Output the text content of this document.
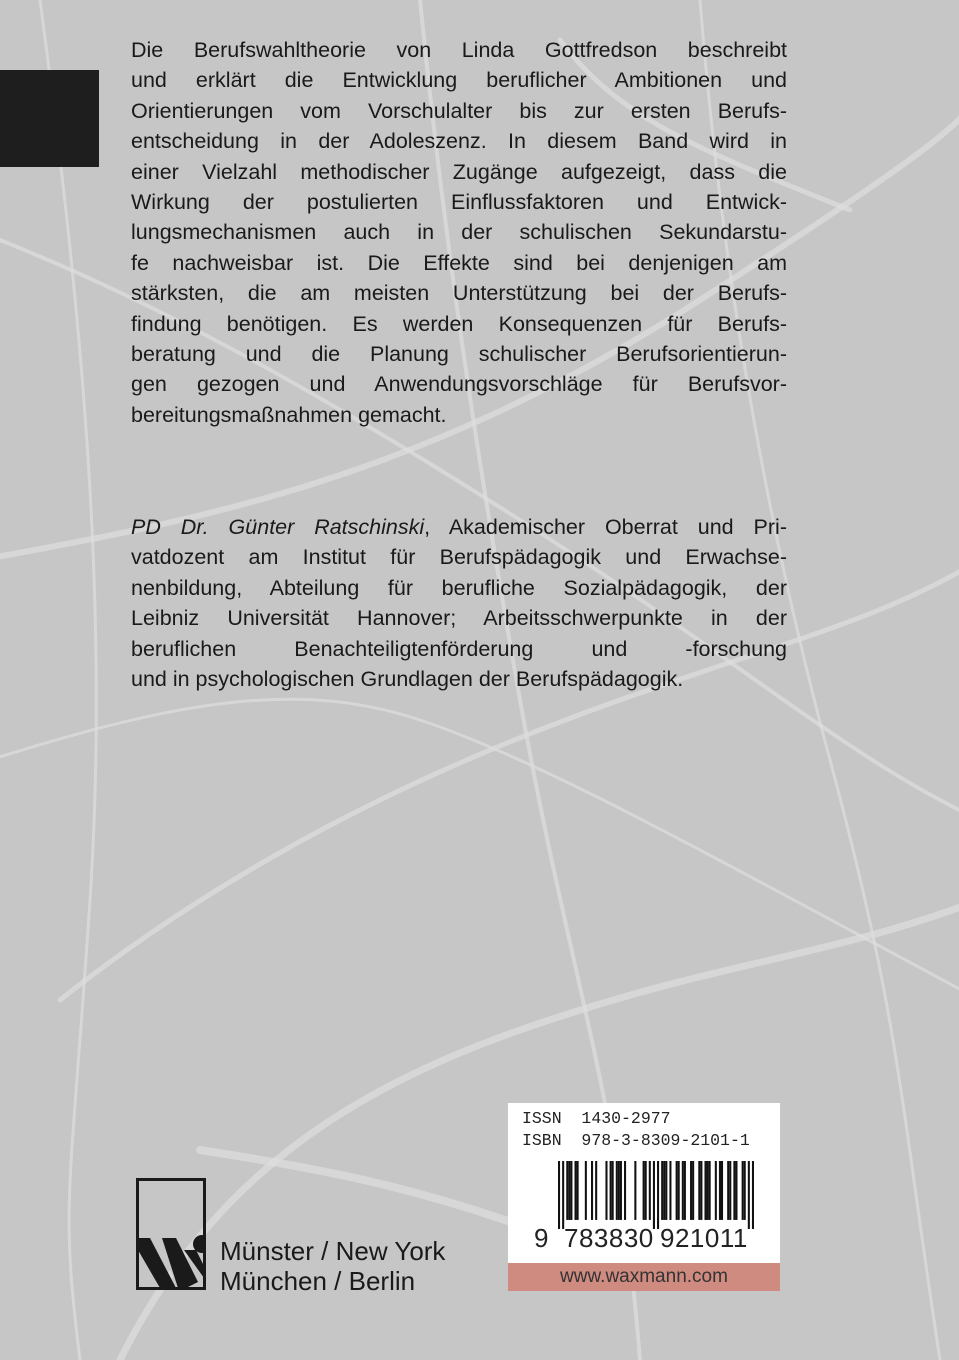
Die Berufswahltheorie von Linda Gottfredson beschreibt
und erklärt die Entwicklung beruflicher Ambitionen und
Orientierungen vom Vorschulalter bis zur ersten Berufs-
entscheidung in der Adoleszenz. In diesem Band wird in
einer Vielzahl methodischer Zugänge aufgezeigt, dass die
Wirkung der postulierten Einflussfaktoren und Entwick-
lungsmechanismen auch in der schulischen Sekundarstu-
fe nachweisbar ist. Die Effekte sind bei denjenigen am
stärksten, die am meisten Unterstützung bei der Berufs-
findung benötigen. Es werden Konsequenzen für Berufs-
beratung und die Planung schulischer Berufsorientierun-
gen gezogen und Anwendungsvorschläge für Berufsvor-
bereitungsmaßnahmen gemacht.
PD Dr. Günter Ratschinski, Akademischer Oberrat und Pri-
vatdozent am Institut für Berufspädagogik und Erwachse-
nenbildung, Abteilung für berufliche Sozialpädagogik, der
Leibniz Universität Hannover; Arbeitsschwerpunkte in der
beruflichen Benachteiligtenförderung und -forschung
und in psychologischen Grundlagen der Berufspädagogik.
ISSN 1430-2977
ISBN 978-3-8309-2101-1
9 783830 921011
www.waxmann.com
Münster / New York
München / Berlin
